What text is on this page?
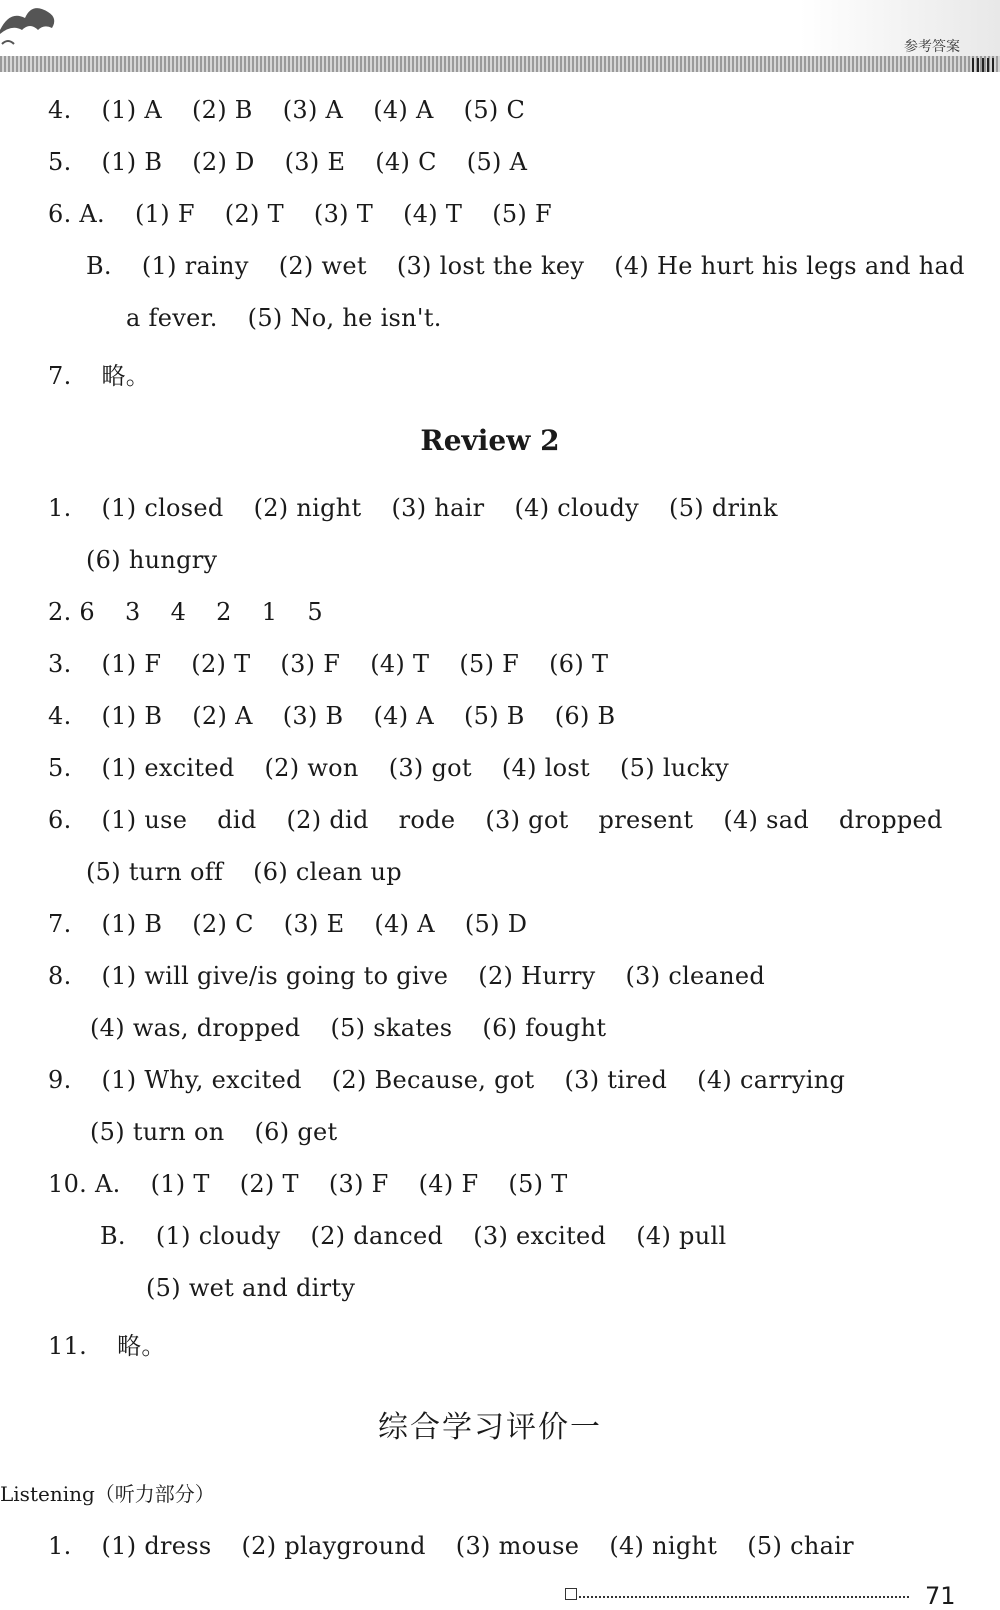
参考答案
4. (1) A (2) B (3) A (4) A (5) C
5. (1) B (2) D (3) E (4) C (5) A
6. A. (1) F (2) T (3) T (4) T (5) F
B. (1) rainy (2) wet (3) lost the key (4) He hurt his legs and had
a fever. (5) No, he isn't.
7. 略。
Review 2
1. (1) closed (2) night (3) hair (4) cloudy (5) drink
(6) hungry
2. 6 3 4 2 1 5
3. (1) F (2) T (3) F (4) T (5) F (6) T
4. (1) B (2) A (3) B (4) A (5) B (6) B
5. (1) excited (2) won (3) got (4) lost (5) lucky
6. (1) use did (2) did rode (3) got present (4) sad dropped
(5) turn off (6) clean up
7. (1) B (2) C (3) E (4) A (5) D
8. (1) will give/is going to give (2) Hurry (3) cleaned
(4) was, dropped (5) skates (6) fought
9. (1) Why, excited (2) Because, got (3) tired (4) carrying
(5) turn on (6) get
10. A. (1) T (2) T (3) F (4) F (5) T
B. (1) cloudy (2) danced (3) excited (4) pull
(5) wet and dirty
11. 略。
综合学习评价一
Listening（听力部分）
1. (1) dress (2) playground (3) mouse (4) night (5) chair
71
